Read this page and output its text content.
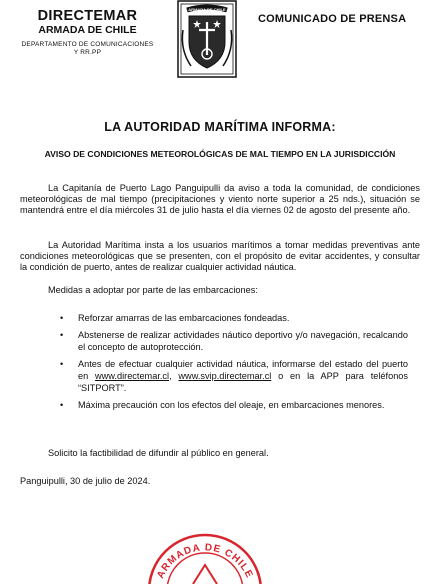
DIRECTEMAR
ARMADA DE CHILE
DEPARTAMENTO DE COMUNICACIONES
Y RR.PP
ARMADA DE CHILE
COMUNICADO DE PRENSA
LA AUTORIDAD MARÍTIMA INFORMA:
AVISO DE CONDICIONES METEOROLÓGICAS DE MAL TIEMPO EN LA JURISDICCIÓN
La Capitanía de Puerto Lago Panguipulli da aviso a toda la comunidad, de condiciones meteorológicas de mal tiempo (precipitaciones y viento norte superior a 25 nds.), situación se mantendrá entre el día miércoles 31 de julio hasta el día viernes 02 de agosto del presente año.
La Autoridad Marítima insta a los usuarios marítimos a tomar medidas preventivas ante condiciones meteorológicas que se presenten, con el propósito de evitar accidentes, y consultar la condición de puerto, antes de realizar cualquier actividad náutica.
Medidas a adoptar por parte de las embarcaciones:
• Reforzar amarras de las embarcaciones fondeadas.
• Abstenerse de realizar actividades náutico deportivo y/o navegación, recalcando el concepto de autoprotección.
• Antes de efectuar cualquier actividad náutica, informarse del estado del puerto en www.directemar.cl, www.svip.directemar.cl o en la APP para teléfonos “SITPORT”.
• Máxima precaución con los efectos del oleaje, en embarcaciones menores.
Solicito la factibilidad de difundir al público en general.
Panguipulli, 30 de julio de 2024.
ARMADA DE CHILE
